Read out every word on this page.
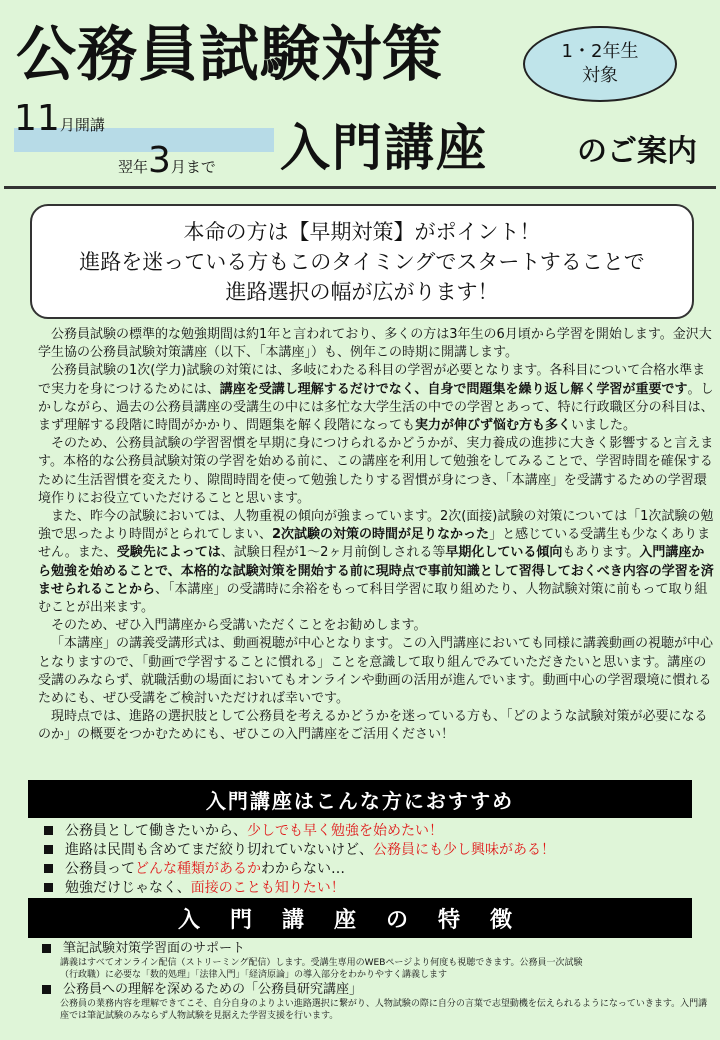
公務員試験対策	1・2年生
対象
11月開講
翌年3月まで 入門講座	のご案内
本命の方は【早期対策】がポイント！
進路を迷っている方もこのタイミングでスタートすることで
進路選択の幅が広がります！

公務員試験の標準的な勉強期間は約1年と言われており、多くの方は3年生の6月頃から学習を開始します。金沢大学生協の公務員試験対策講座（以下、「本講座」）も、例年この時期に開講します。

公務員試験の1次(学力)試験の対策には、多岐にわたる科目の学習が必要となります。各科目について合格水準まで実力を身につけるためには、講座を受講し理解するだけでなく、自身で問題集を繰り返し解く学習が重要です。しかしながら、過去の公務員講座の受講生の中には多忙な大学生活の中での学習とあって、特に行政職区分の科目は、まず理解する段階に時間がかかり、問題集を解く段階になっても実力が伸びず悩む方も多くいました。

そのため、公務員試験の学習習慣を早期に身につけられるかどうかが、実力養成の進捗に大きく影響すると言えます。本格的な公務員試験対策の学習を始める前に、この講座を利用して勉強をしてみることで、学習時間を確保するために生活習慣を変えたり、隙間時間を使って勉強したりする習慣が身につき、「本講座」を受講するための学習環境作りにお役立ていただけることと思います。

また、昨今の試験においては、人物重視の傾向が強まっています。2次(面接)試験の対策については「1次試験の勉強で思ったより時間がとられてしまい、2次試験の対策の時間が足りなかった」と感じている受講生も少なくありません。また、受験先によっては、試験日程が1～2ヶ月前倒しされる等早期化している傾向もあります。入門講座から勉強を始めることで、本格的な試験対策を開始する前に現時点で事前知識として習得しておくべき内容の学習を済ませられることから、「本講座」の受講時に余裕をもって科目学習に取り組めたり、人物試験対策に前もって取り組むことが出来ます。

そのため、ぜひ入門講座から受講いただくことをお勧めします。

「本講座」の講義受講形式は、動画視聴が中心となります。この入門講座においても同様に講義動画の視聴が中心となりますので、「動画で学習することに慣れる」ことを意識して取り組んでみていただきたいと思います。講座の受講のみならず、就職活動の場面においてもオンラインや動画の活用が進んでいます。動画中心の学習環境に慣れるためにも、ぜひ受講をご検討いただければ幸いです。

現時点では、進路の選択肢として公務員を考えるかどうかを迷っている方も、「どのような試験対策が必要になるのか」の概要をつかむためにも、ぜひこの入門講座をご活用ください！

入門講座はこんな方におすすめ
公務員として働きたいから、少しでも早く勉強を始めたい！
進路は民間も含めてまだ絞り切れていないけど、公務員にも少し興味がある！
公務員ってどんな種類があるかわからない…
勉強だけじゃなく、面接のことも知りたい！
入門講座の特徴
筆記試験対策学習面のサポート
講義はすべてオンライン配信（ストリーミング配信）します。受講生専用のWEBページより何度も視聴できます。公務員一次試験
（行政職）に必要な「数的処理」「法律入門」「経済原論」の導入部分をわかりやすく講義します
公務員への理解を深めるための「公務員研究講座」
公務員の業務内容を理解できてこそ、自分自身のよりよい進路選択に繋がり、人物試験の際に自分の言葉で志望動機を伝えられるようになっていきます。入門講座では筆記試験のみならず人物試験を見据えた学習支援を行います。
